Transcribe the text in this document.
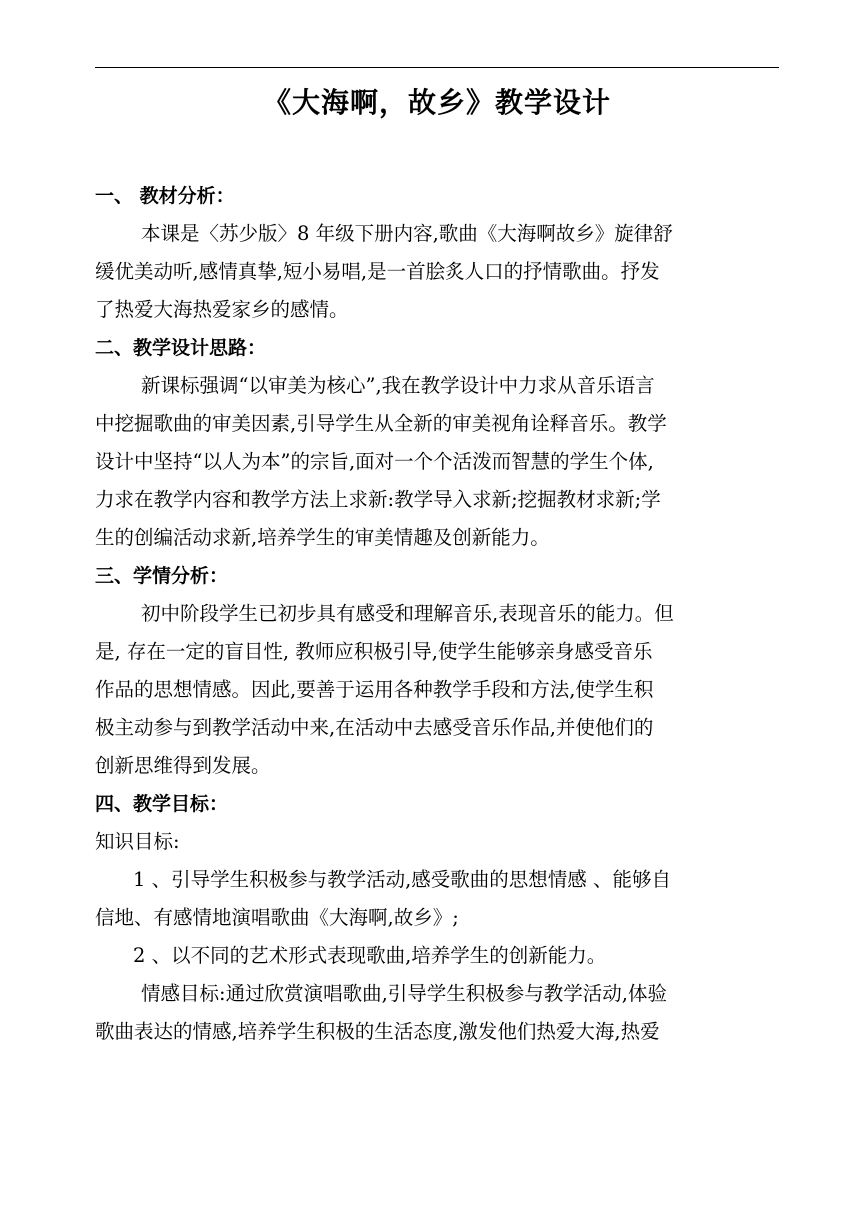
《大海啊，故乡》教学设计
一、 教材分析：
本课是〈苏少版〉8 年级下册内容,歌曲《大海啊故乡》旋律舒
缓优美动听,感情真挚,短小易唱,是一首脍炙人口的抒情歌曲。抒发
了热爱大海热爱家乡的感情。
二、教学设计思路：
新课标强调“以审美为核心”,我在教学设计中力求从音乐语言
中挖掘歌曲的审美因素,引导学生从全新的审美视角诠释音乐。教学
设计中坚持“以人为本”的宗旨,面对一个个活泼而智慧的学生个体,
力求在教学内容和教学方法上求新:教学导入求新;挖掘教材求新;学
生的创编活动求新,培养学生的审美情趣及创新能力。
三、学情分析：
初中阶段学生已初步具有感受和理解音乐,表现音乐的能力。但
是, 存在一定的盲目性, 教师应积极引导,使学生能够亲身感受音乐
作品的思想情感。因此,要善于运用各种教学手段和方法,使学生积
极主动参与到教学活动中来,在活动中去感受音乐作品,并使他们的
创新思维得到发展。
四、教学目标：
知识目标:
1 、引导学生积极参与教学活动,感受歌曲的思想情感 、能够自
信地、有感情地演唱歌曲《大海啊,故乡》;
2 、以不同的艺术形式表现歌曲,培养学生的创新能力。
情感目标:通过欣赏演唱歌曲,引导学生积极参与教学活动,体验
歌曲表达的情感,培养学生积极的生活态度,激发他们热爱大海,热爱
